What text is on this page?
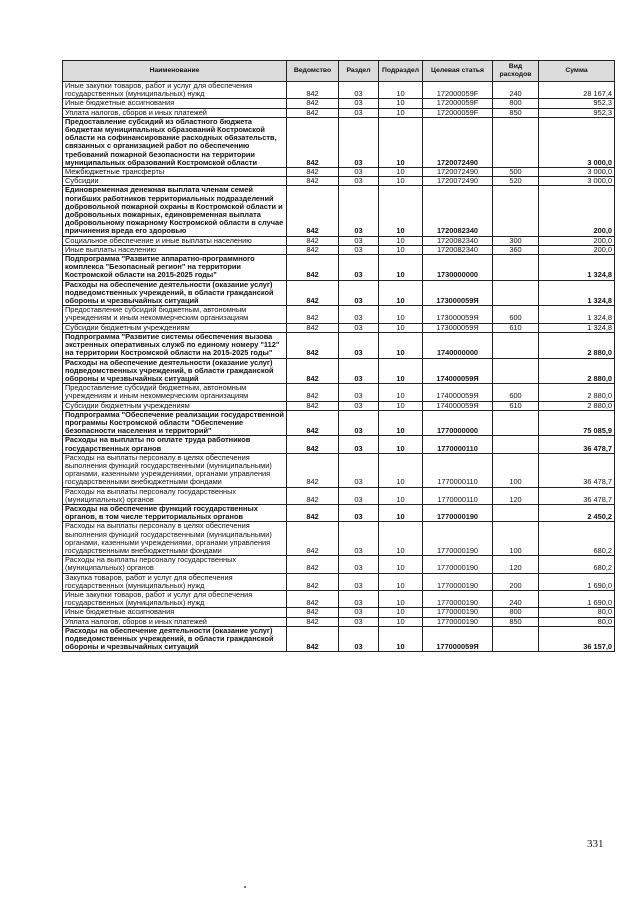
Наименование	Ведомство	Раздел	Подраздел	Целевая статья	Вид расходов	Сумма
Иные закупки товаров, работ и услуг для обеспечения государственных (муниципальных) нужд	842	03	10	172000059F	240	28 167,4
Иные бюджетные ассигнования	842	03	10	172000059F	800	952,3
Уплата налогов, сборов и иных платежей	842	03	10	172000059F	850	952,3
Предоставление субсидий из областного бюджета бюджетам муниципальных образований Костромской области на софинансирование расходных обязательств, связанных с организацией работ по обеспечению требований пожарной безопасности на территории муниципальных образований Костромской области	842	03	10	1720072490		3 000,0
Межбюджетные трансферты	842	03	10	1720072490	500	3 000,0
Субсидии	842	03	10	1720072490	520	3 000,0
Единовременная денежная выплата членам семей погибших работников территориальных подразделений добровольной пожарной охраны в Костромской области и добровольных пожарных, единовременная выплата добровольному пожарному Костромской области в случае причинения вреда его здоровью	842	03	10	1720082340		200,0
Социальное обеспечение и иные выплаты населению	842	03	10	1720082340	300	200,0
Иные выплаты населению	842	03	10	1720082340	360	200,0
Подпрограмма "Развитие аппаратно-программного комплекса "Безопасный регион" на территории Костромской области на 2015-2025 годы"	842	03	10	1730000000		1 324,8
Расходы на обеспечение деятельности (оказание услуг) подведомственных учреждений, в области гражданской обороны и чрезвычайных ситуаций	842	03	10	173000059Я		1 324,8
Предоставление субсидий бюджетным, автономным учреждениям и иным некоммерческим организациям	842	03	10	173000059Я	600	1 324,8
Субсидии бюджетным учреждениям	842	03	10	173000059Я	610	1 324,8
Подпрограмма "Развитие системы обеспечения вызова экстренных оперативных служб по единому номеру "112" на территории Костромской области на 2015-2025 годы"	842	03	10	1740000000		2 880,0
Расходы на обеспечение деятельности (оказание услуг) подведомственных учреждений, в области гражданской обороны и чрезвычайных ситуаций	842	03	10	174000059Я		2 880,0
Предоставление субсидий бюджетным, автономным учреждениям и иным некоммерческим организациям	842	03	10	174000059Я	600	2 880,0
Субсидии бюджетным учреждениям	842	03	10	174000059Я	610	2 880,0
Подпрограмма "Обеспечение реализации государственной программы Костромской области "Обеспечение безопасности населения и территорий"	842	03	10	1770000000		75 085,9
Расходы на выплаты по оплате труда работников государственных органов	842	03	10	1770000110		36 478,7
Расходы на выплаты персоналу в целях обеспечения выполнения функций государственными (муниципальными) органами, казенными учреждениями, органами управления государственными внебюджетными фондами	842	03	10	1770000110	100	36 478,7
Расходы на выплаты персоналу государственных (муниципальных) органов	842	03	10	1770000110	120	36 478,7
Расходы на обеспечение функций государственных органов, в том числе территориальных органов	842	03	10	1770000190		2 450,2
Расходы на выплаты персоналу в целях обеспечения выполнения функций государственными (муниципальными) органами, казенными учреждениями, органами управления государственными внебюджетными фондами	842	03	10	1770000190	100	680,2
Расходы на выплаты персоналу государственных (муниципальных) органов	842	03	10	1770000190	120	680,2
Закупка товаров, работ и услуг для обеспечения государственных (муниципальных) нужд	842	03	10	1770000190	200	1 690,0
Иные закупки товаров, работ и услуг для обеспечения государственных (муниципальных) нужд	842	03	10	1770000190	240	1 690,0
Иные бюджетные ассигнования	842	03	10	1770000190	800	80,0
Уплата налогов, сборов и иных платежей	842	03	10	1770000190	850	80,0
Расходы на обеспечение деятельности (оказание услуг) подведомственных учреждений, в области гражданской обороны и чрезвычайных ситуаций	842	03	10	177000059Я		36 157,0
331
